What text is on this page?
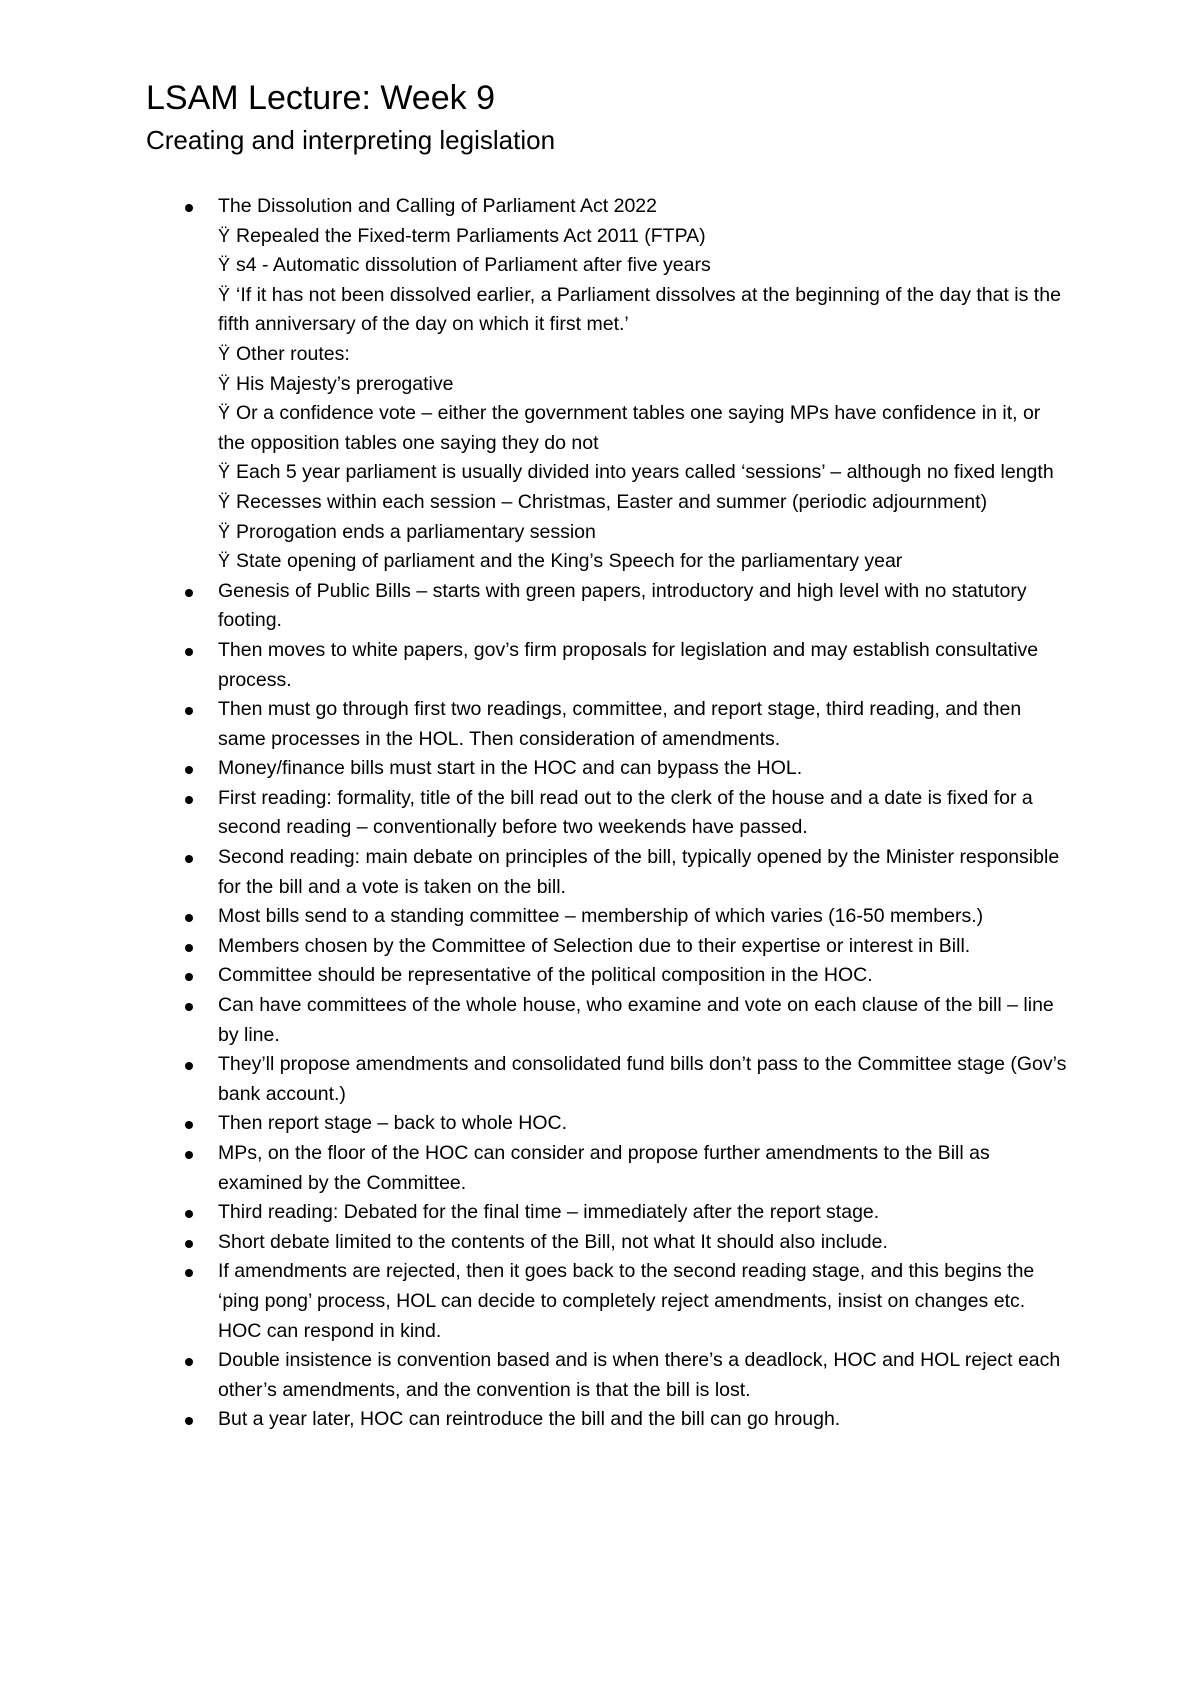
LSAM Lecture: Week 9
Creating and interpreting legislation
The Dissolution and Calling of Parliament Act 2022
Ÿ Repealed the Fixed-term Parliaments Act 2011 (FTPA)
Ÿ s4 - Automatic dissolution of Parliament after five years
Ÿ ‘If it has not been dissolved earlier, a Parliament dissolves at the beginning of the day that is the fifth anniversary of the day on which it first met.’
Ÿ Other routes:
Ÿ His Majesty’s prerogative
Ÿ Or a confidence vote – either the government tables one saying MPs have confidence in it, or the opposition tables one saying they do not
Ÿ Each 5 year parliament is usually divided into years called ‘sessions’ – although no fixed length
Ÿ Recesses within each session – Christmas, Easter and summer (periodic adjournment)
Ÿ Prorogation ends a parliamentary session
Ÿ State opening of parliament and the King’s Speech for the parliamentary year
Genesis of Public Bills – starts with green papers, introductory and high level with no statutory footing.
Then moves to white papers, gov’s firm proposals for legislation and may establish consultative process.
Then must go through first two readings, committee, and report stage, third reading, and then same processes in the HOL. Then consideration of amendments.
Money/finance bills must start in the HOC and can bypass the HOL.
First reading: formality, title of the bill read out to the clerk of the house and a date is fixed for a second reading – conventionally before two weekends have passed.
Second reading: main debate on principles of the bill, typically opened by the Minister responsible for the bill and a vote is taken on the bill.
Most bills send to a standing committee – membership of which varies (16-50 members.)
Members chosen by the Committee of Selection due to their expertise or interest in Bill.
Committee should be representative of the political composition in the HOC.
Can have committees of the whole house, who examine and vote on each clause of the bill – line by line.
They’ll propose amendments and consolidated fund bills don’t pass to the Committee stage (Gov’s bank account.)
Then report stage – back to whole HOC.
MPs, on the floor of the HOC can consider and propose further amendments to the Bill as examined by the Committee.
Third reading: Debated for the final time – immediately after the report stage.
Short debate limited to the contents of the Bill, not what It should also include.
If amendments are rejected, then it goes back to the second reading stage, and this begins the ‘ping pong’ process, HOL can decide to completely reject amendments, insist on changes etc. HOC can respond in kind.
Double insistence is convention based and is when there’s a deadlock, HOC and HOL reject each other’s amendments, and the convention is that the bill is lost.
But a year later, HOC can reintroduce the bill and the bill can go hrough.
